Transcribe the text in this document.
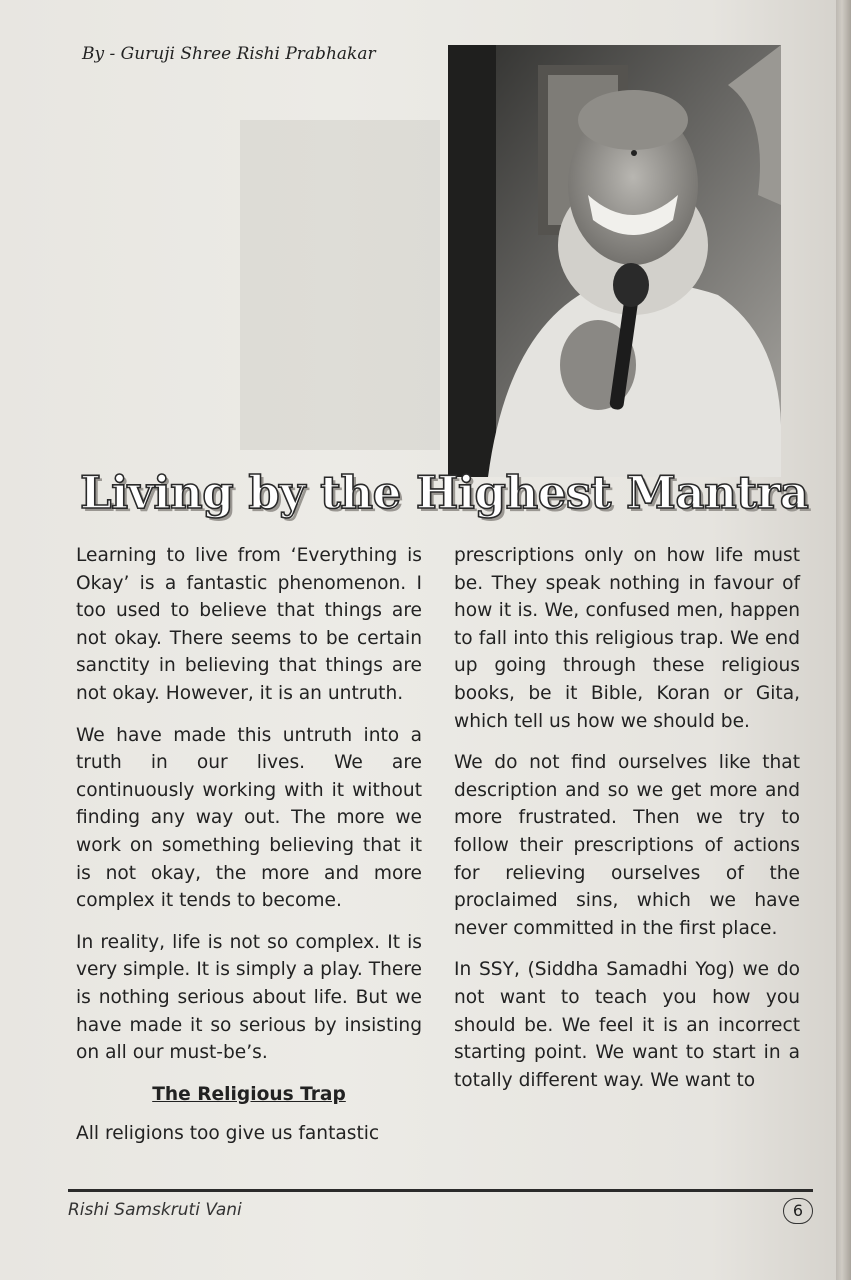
By - Guruji Shree Rishi Prabhakar
Living by the Highest Mantra

Learning to live from ‘Everything is Okay’ is a fantastic phenomenon. I too used to believe that things are not okay. There seems to be certain sanctity in believing that things are not okay. However, it is an untruth.

We have made this untruth into a truth in our lives. We are continuously working with it without finding any way out. The more we work on something believing that it is not okay, the more and more complex it tends to become.

In reality, life is not so complex. It is very simple. It is simply a play. There is nothing serious about life. But we have made it so serious by insisting on all our must-be’s.

The Religious Trap

All religions too give us fantastic

prescriptions only on how life must be. They speak nothing in favour of how it is. We, confused men, happen to fall into this religious trap. We end up going through these religious books, be it Bible, Koran or Gita, which tell us how we should be.

We do not find ourselves like that description and so we get more and more frustrated. Then we try to follow their prescriptions of actions for relieving ourselves of the proclaimed sins, which we have never committed in the first place.

In SSY, (Siddha Samadhi Yog) we do not want to teach you how you should be. We feel it is an incorrect starting point. We want to start in a totally different way. We want to

Rishi Samskruti Vani	6
